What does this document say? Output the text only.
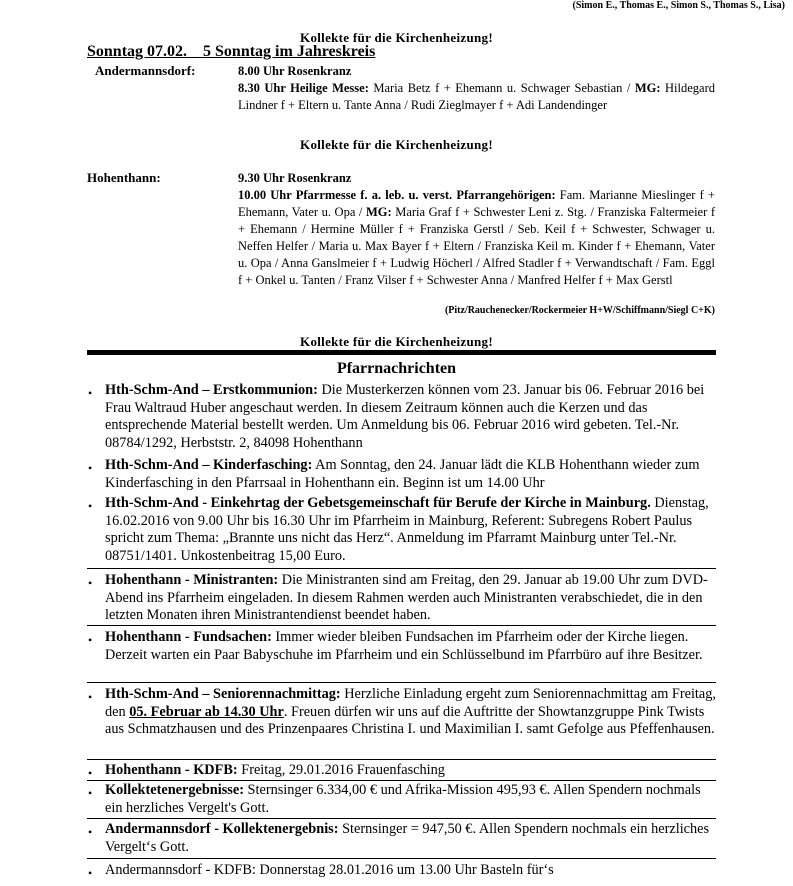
(Simon E., Thomas E., Simon S., Thomas S., Lisa)
Kollekte für die Kirchenheizung!
Sonntag 07.02. 5 Sonntag im Jahreskreis
Andermannsdorf:	8.00 Uhr Rosenkranz
8.30 Uhr Heilige Messe: Maria Betz f + Ehemann u. Schwager Sebastian / MG: Hildegard Lindner f + Eltern u. Tante Anna / Rudi Zieglmayer f + Adi Landendinger
Kollekte für die Kirchenheizung!
Hohenthann:	9.30 Uhr Rosenkranz
10.00 Uhr Pfarrmesse f. a. leb. u. verst. Pfarrangehörigen: Fam. Marianne Mieslinger f + Ehemann, Vater u. Opa / MG: Maria Graf f + Schwester Leni z. Stg. / Franziska Faltermeier f + Ehemann / Hermine Müller f + Franziska Gerstl / Seb. Keil f + Schwester, Schwager u. Neffen Helfer / Maria u. Max Bayer f + Eltern / Franziska Keil m. Kinder f + Ehemann, Vater u. Opa / Anna Ganslmeier f + Ludwig Höcherl / Alfred Stadler f + Verwandtschaft / Fam. Eggl f + Onkel u. Tanten / Franz Vilser f + Schwester Anna / Manfred Helfer f + Max Gerstl
(Pitz/Rauchenecker/Rockermeier H+W/Schiffmann/Siegl C+K)
Kollekte für die Kirchenheizung!
Pfarrnachrichten
• Hth-Schm-And – Erstkommunion: Die Musterkerzen können vom 23. Januar bis 06. Februar 2016 bei Frau Waltraud Huber angeschaut werden. In diesem Zeitraum können auch die Kerzen und das entsprechende Material bestellt werden. Um Anmeldung bis 06. Februar 2016 wird gebeten. Tel.-Nr. 08784/1292, Herbststr. 2, 84098 Hohenthann
• Hth-Schm-And – Kinderfasching: Am Sonntag, den 24. Januar lädt die KLB Hohenthann wieder zum Kinderfasching in den Pfarrsaal in Hohenthann ein. Beginn ist um 14.00 Uhr
• Hth-Schm-And - Einkehrtag der Gebetsgemeinschaft für Berufe der Kirche in Mainburg. Dienstag, 16.02.2016 von 9.00 Uhr bis 16.30 Uhr im Pfarrheim in Mainburg, Referent: Subregens Robert Paulus spricht zum Thema: „Brannte uns nicht das Herz“. Anmeldung im Pfarramt Mainburg unter Tel.-Nr. 08751/1401. Unkostenbeitrag 15,00 Euro.
• Hohenthann - Ministranten: Die Ministranten sind am Freitag, den 29. Januar ab 19.00 Uhr zum DVD-Abend ins Pfarrheim eingeladen. In diesem Rahmen werden auch Ministranten verabschiedet, die in den letzten Monaten ihren Ministrantendienst beendet haben.
• Hohenthann - Fundsachen: Immer wieder bleiben Fundsachen im Pfarrheim oder der Kirche liegen. Derzeit warten ein Paar Babyschuhe im Pfarrheim und ein Schlüsselbund im Pfarrbüro auf ihre Besitzer.
• Hth-Schm-And – Seniorennachmittag: Herzliche Einladung ergeht zum Seniorennachmittag am Freitag, den 05. Februar ab 14.30 Uhr. Freuen dürfen wir uns auf die Auftritte der Showtanzgruppe Pink Twists aus Schmatzhausen und des Prinzenpaares Christina I. und Maximilian I. samt Gefolge aus Pfeffenhausen.
• Hohenthann - KDFB: Freitag, 29.01.2016 Frauenfasching
• Kollektetenergebnisse: Sternsinger 6.334,00 € und Afrika-Mission 495,93 €. Allen Spendern nochmals ein herzliches Vergelt's Gott.
• Andermannsdorf - Kollektenergebnis: Sternsinger = 947,50 €. Allen Spendern nochmals ein herzliches Vergelt‘s Gott.
• Andermannsdorf - KDFB: Donnerstag 28.01.2016 um 13.00 Uhr Basteln für‘s
